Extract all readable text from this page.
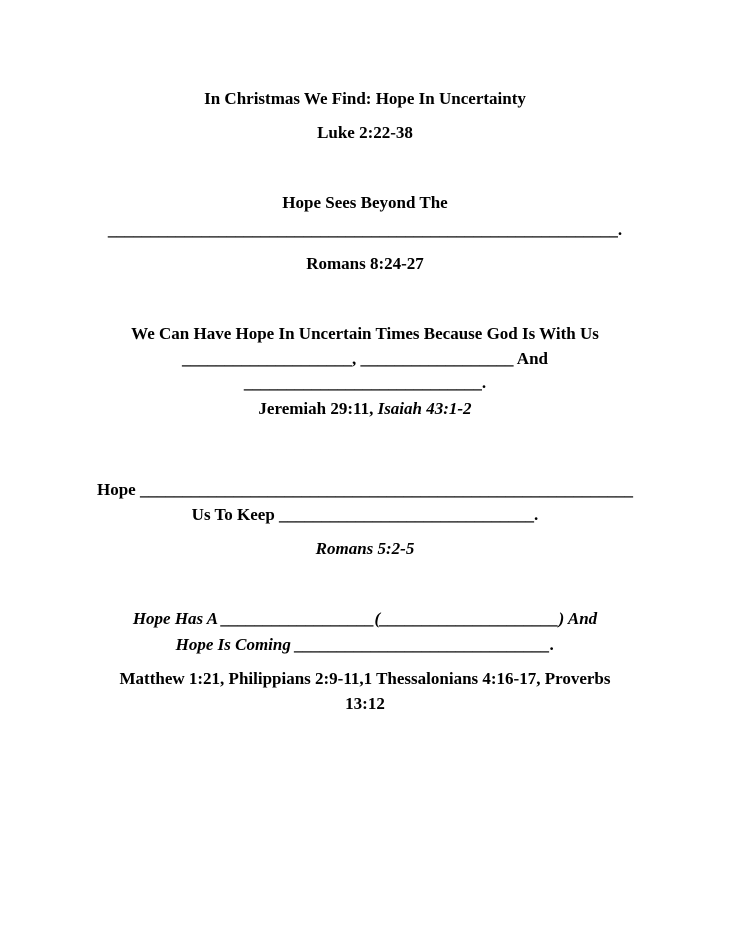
In Christmas We Find: Hope In Uncertainty
Luke 2:22-38
Hope Sees Beyond The
____________________________________________________________.
Romans 8:24-27
We Can Have Hope In Uncertain Times Because God Is With Us
____________________, __________________ And
____________________________.
Jeremiah 29:11, Isaiah 43:1-2
Hope __________________________________________________________
Us To Keep ______________________________.
Romans 5:2-5
Hope Has A __________________(_____________________) And
Hope Is Coming ______________________________.
Matthew 1:21, Philippians 2:9-11,1 Thessalonians 4:16-17, Proverbs
13:12
